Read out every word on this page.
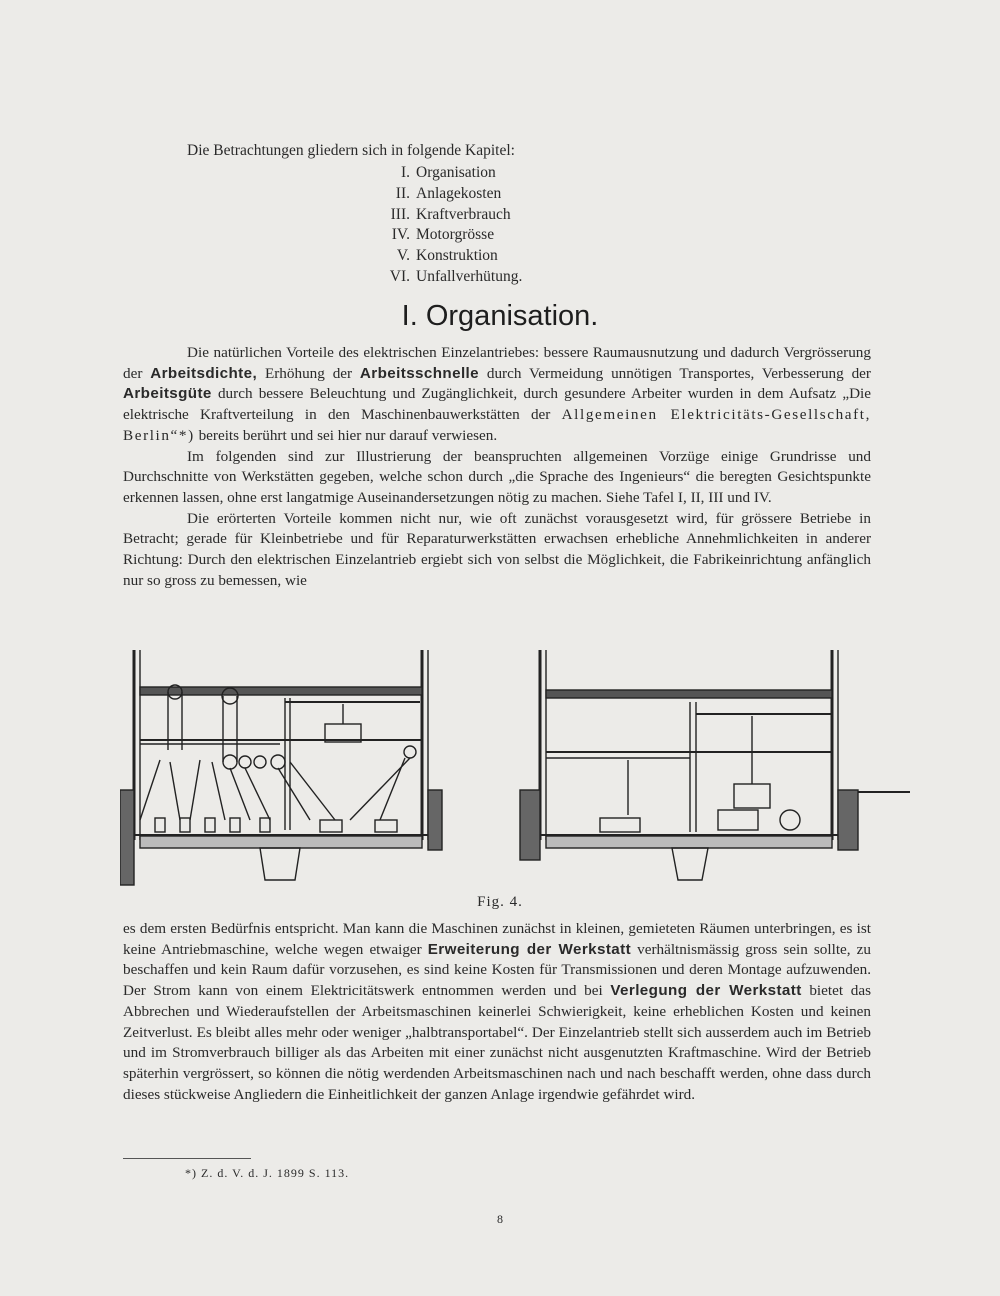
Die Betrachtungen gliedern sich in folgende Kapitel:
I. Organisation
II. Anlagekosten
III. Kraftverbrauch
IV. Motorgrösse
V. Konstruktion
VI. Unfallverhütung.
I. Organisation.

Die natürlichen Vorteile des elektrischen Einzelantriebes: bessere Raumausnutzung und dadurch Vergrösserung der Arbeitsdichte, Erhöhung der Arbeitsschnelle durch Vermeidung unnötigen Transportes, Verbesserung der Arbeitsgüte durch bessere Beleuchtung und Zugänglichkeit, durch gesundere Arbeiter wurden in dem Aufsatz „Die elektrische Kraftverteilung in den Maschinenbauwerkstätten der Allgemeinen Elektricitäts-Gesellschaft, Berlin“*) bereits berührt und sei hier nur darauf verwiesen.

Im folgenden sind zur Illustrierung der beanspruchten allgemeinen Vorzüge einige Grundrisse und Durchschnitte von Werkstätten gegeben, welche schon durch „die Sprache des Ingenieurs“ die beregten Gesichtspunkte erkennen lassen, ohne erst langatmige Auseinandersetzungen nötig zu machen. Siehe Tafel I, II, III und IV.

Die erörterten Vorteile kommen nicht nur, wie oft zunächst vorausgesetzt wird, für grössere Betriebe in Betracht; gerade für Kleinbetriebe und für Reparaturwerkstätten erwachsen erhebliche Annehmlichkeiten in anderer Richtung: Durch den elektrischen Einzelantrieb ergiebt sich von selbst die Möglichkeit, die Fabrikeinrichtung anfänglich nur so gross zu bemessen, wie

Fig. 4.

es dem ersten Bedürfnis entspricht. Man kann die Maschinen zunächst in kleinen, gemieteten Räumen unterbringen, es ist keine Antriebmaschine, welche wegen etwaiger Erweiterung der Werkstatt verhältnismässig gross sein sollte, zu beschaffen und kein Raum dafür vorzusehen, es sind keine Kosten für Transmissionen und deren Montage aufzuwenden. Der Strom kann von einem Elektricitätswerk entnommen werden und bei Verlegung der Werkstatt bietet das Abbrechen und Wiederaufstellen der Arbeitsmaschinen keinerlei Schwierigkeit, keine erheblichen Kosten und keinen Zeitverlust. Es bleibt alles mehr oder weniger „halbtransportabel“. Der Einzelantrieb stellt sich ausserdem auch im Betrieb und im Stromverbrauch billiger als das Arbeiten mit einer zunächst nicht ausgenutzten Kraftmaschine. Wird der Betrieb späterhin vergrössert, so können die nötig werdenden Arbeitsmaschinen nach und nach beschafft werden, ohne dass durch dieses stückweise Angliedern die Einheitlichkeit der ganzen Anlage irgendwie gefährdet wird.

*) Z. d. V. d. J. 1899 S. 113.
8
